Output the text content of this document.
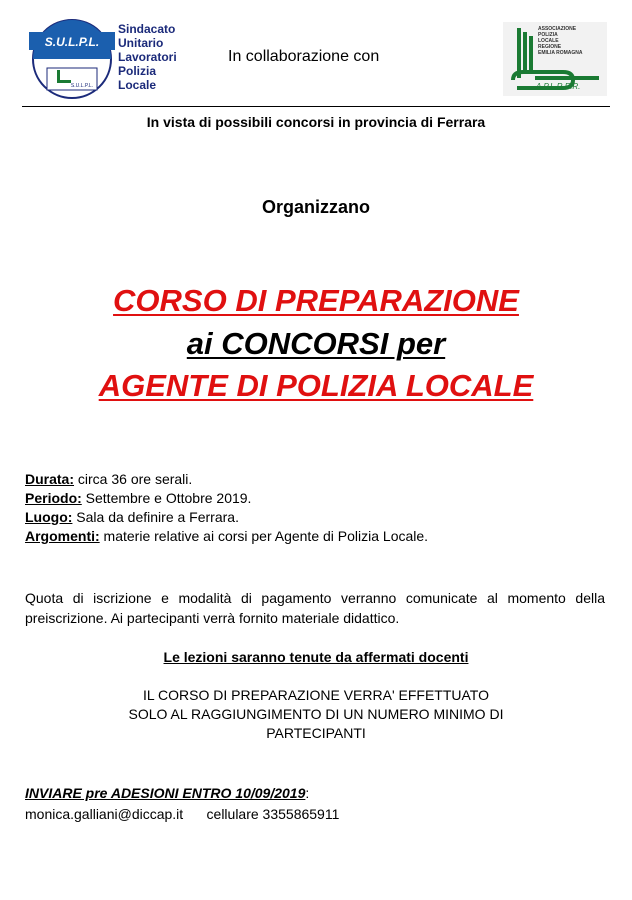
S.U.L.P.L.
S.U.L.P.L.
Sindacato
Unitario
Lavoratori
Polizia
Locale
In collaborazione con
ASSOCIAZIONE
POLIZIA
LOCALE
REGIONE
EMILIA ROMAGNA
A.P.L.R.E.R.
In vista di possibili concorsi in provincia di Ferrara
Organizzano
CORSO DI PREPARAZIONE
ai CONCORSI per
AGENTE DI POLIZIA LOCALE
Durata: circa 36 ore serali.
Periodo: Settembre e Ottobre 2019.
Luogo: Sala da definire a Ferrara.
Argomenti: materie relative ai corsi per Agente di Polizia Locale.
Quota di iscrizione e modalità di pagamento verranno comunicate al momento della preiscrizione. Ai partecipanti verrà fornito materiale didattico.
Le lezioni saranno tenute da affermati docenti
IL CORSO DI PREPARAZIONE VERRA' EFFETTUATO
SOLO AL RAGGIUNGIMENTO DI UN NUMERO MINIMO DI
PARTECIPANTI
INVIARE pre ADESIONI ENTRO 10/09/2019:
monica.galliani@diccap.it cellulare 3355865911
